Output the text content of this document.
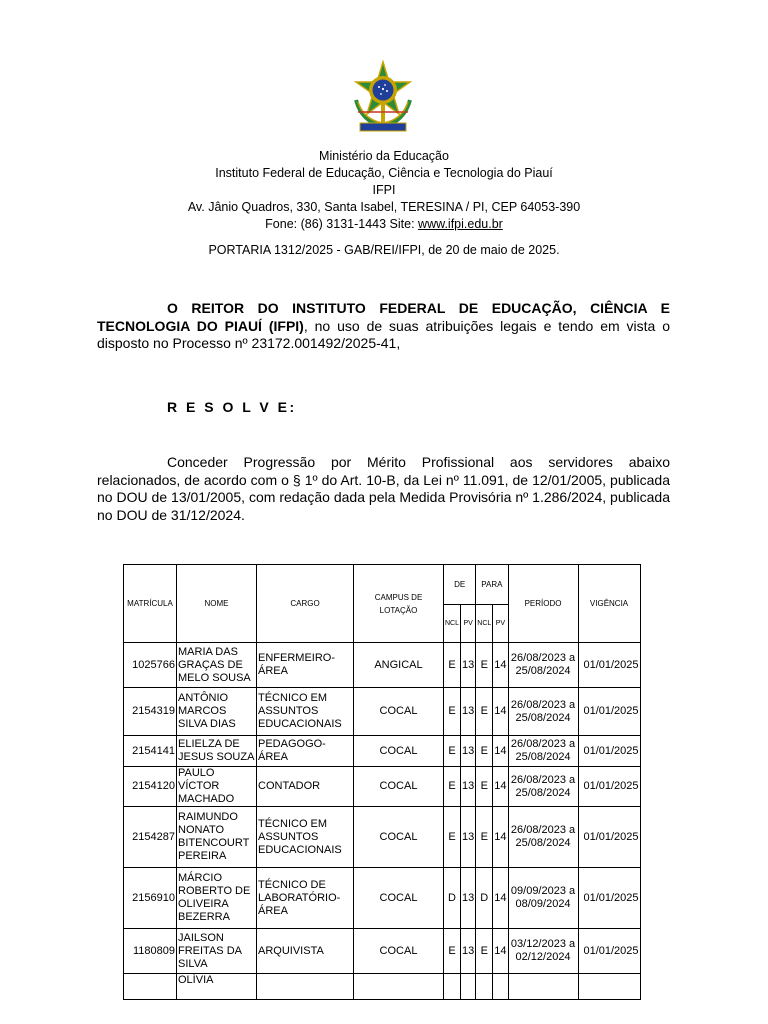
Ministério da Educação
Instituto Federal de Educação, Ciência e Tecnologia do Piauí
IFPI
Av. Jânio Quadros, 330, Santa Isabel, TERESINA / PI, CEP 64053-390
Fone: (86) 3131-1443 Site: www.ifpi.edu.br
PORTARIA 1312/2025 - GAB/REI/IFPI, de 20 de maio de 2025.
O REITOR DO INSTITUTO FEDERAL DE EDUCAÇÃO, CIÊNCIA E TECNOLOGIA DO PIAUÍ (IFPI), no uso de suas atribuições legais e tendo em vista o disposto no Processo nº 23172.001492/2025-41,
R E S O L V E:
Conceder Progressão por Mérito Profissional aos servidores abaixo relacionados, de acordo com o § 1º do Art. 10-B, da Lei nº 11.091, de 12/01/2005, publicada no DOU de 13/01/2005, com redação dada pela Medida Provisória nº 1.286/2024, publicada no DOU de 31/12/2024.
MATRÍCULA	NOME	CARGO	CAMPUS DE LOTAÇÃO	DE		PARA		PERÍODO	VIGÊNCIA
				NCL	PV	NCL	PV		
1025766	MARIA DAS GRAÇAS DE MELO SOUSA	ENFERMEIRO-ÁREA	ANGICAL	E	13	E	14	26/08/2023 a 25/08/2024	01/01/2025
2154319	ANTÔNIO MARCOS SILVA DIAS	TÉCNICO EM ASSUNTOS EDUCACIONAIS	COCAL	E	13	E	14	26/08/2023 a 25/08/2024	01/01/2025
2154141	ELIELZA DE JESUS SOUZA	PEDAGOGO-ÁREA	COCAL	E	13	E	14	26/08/2023 a 25/08/2024	01/01/2025
2154120	PAULO VÍCTOR MACHADO	CONTADOR	COCAL	E	13	E	14	26/08/2023 a 25/08/2024	01/01/2025
2154287	RAIMUNDO NONATO BITENCOURT PEREIRA	TÉCNICO EM ASSUNTOS EDUCACIONAIS	COCAL	E	13	E	14	26/08/2023 a 25/08/2024	01/01/2025
2156910	MÁRCIO ROBERTO DE OLIVEIRA BEZERRA	TÉCNICO DE LABORATÓRIO-ÁREA	COCAL	D	13	D	14	09/09/2023 a 08/09/2024	01/01/2025
1180809	JAILSON FREITAS DA SILVA	ARQUIVISTA	COCAL	E	13	E	14	03/12/2023 a 02/12/2024	01/01/2025
	OLÍVIA								
